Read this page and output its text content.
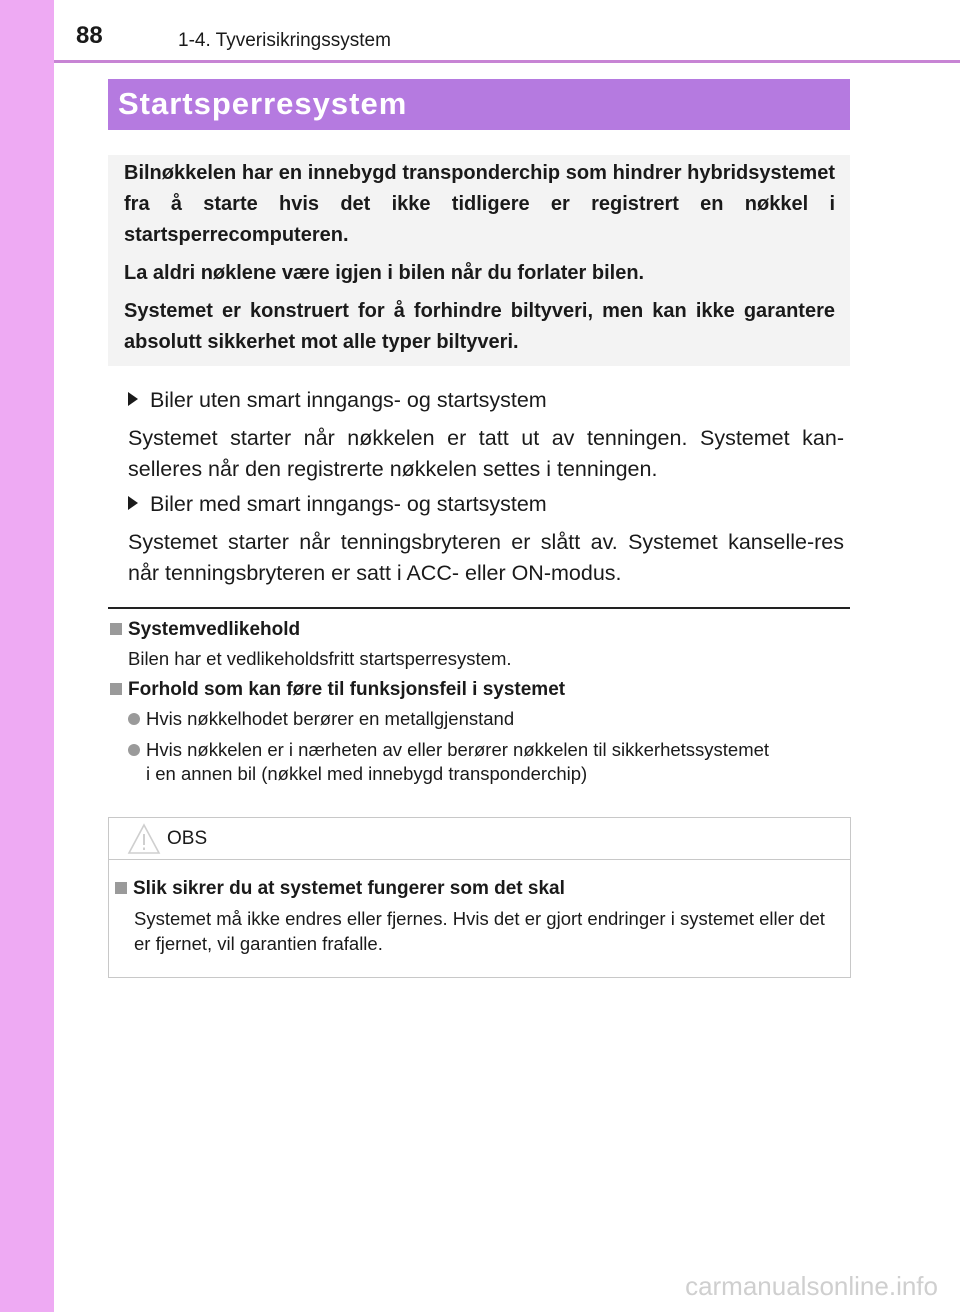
88	1-4. Tyverisikringssystem
Startsperresystem

Bilnøkkelen har en innebygd transponderchip som hindrer hybridsystemet fra å starte hvis det ikke tidligere er registrert en nøkkel i startsperrecomputeren.

La aldri nøklene være igjen i bilen når du forlater bilen.

Systemet er konstruert for å forhindre biltyveri, men kan ikke garantere absolutt sikkerhet mot alle typer biltyveri.

Biler uten smart inngangs- og startsystem

Systemet starter når nøkkelen er tatt ut av tenningen. Systemet kan-selleres når den registrerte nøkkelen settes i tenningen.

Biler med smart inngangs- og startsystem

Systemet starter når tenningsbryteren er slått av. Systemet kanselle-res når tenningsbryteren er satt i ACC- eller ON-modus.

Systemvedlikehold
Bilen har et vedlikeholdsfritt startsperresystem.
Forhold som kan føre til funksjonsfeil i systemet
Hvis nøkkelhodet berører en metallgjenstand
Hvis nøkkelen er i nærheten av eller berører nøkkelen til sikkerhetssystemet
i en annen bil (nøkkel med innebygd transponderchip)
OBS
Slik sikrer du at systemet fungerer som det skal
Systemet må ikke endres eller fjernes. Hvis det er gjort endringer i systemet eller det er fjernet, vil garantien frafalle.
carmanualsonline.info
